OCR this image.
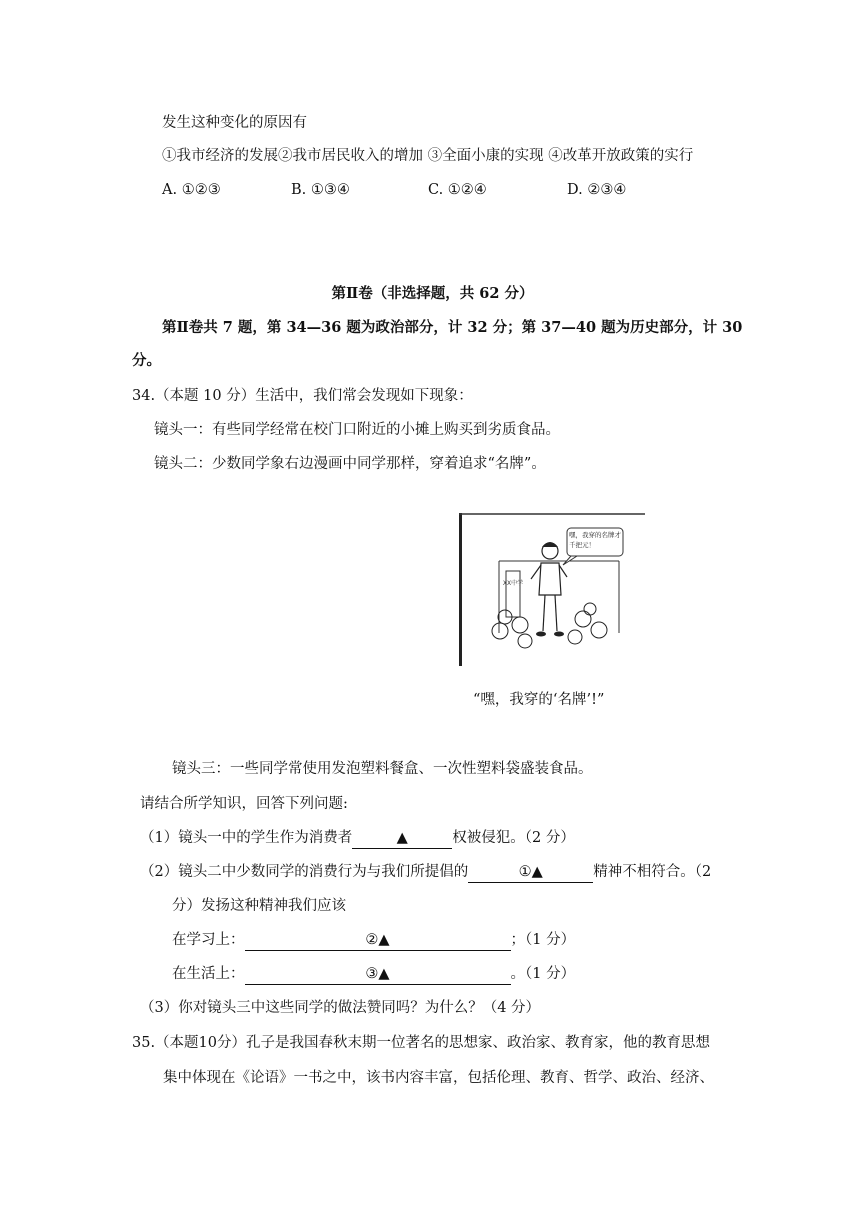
发生这种变化的原因有
①我市经济的发展②我市居民收入的增加 ③全面小康的实现 ④改革开放政策的实行
A. ①②③	B. ①③④	C. ①②④	D. ②③④
第Ⅱ卷（非选择题，共 62 分）
第Ⅱ卷共 7 题，第 34—36 题为政治部分，计 32 分；第 37—40 题为历史部分，计 30
分。
34.（本题 10 分）生活中，我们常会发现如下现象：
镜头一：有些同学经常在校门口附近的小摊上购买到劣质食品。
镜头二：少数同学象右边漫画中同学那样，穿着追求“名牌”。
XX中学
嘿，我穿的名牌才千把元！
“嘿，我穿的‘名牌’!”
镜头三：一些同学常使用发泡塑料餐盒、一次性塑料袋盛装食品。
请结合所学知识，回答下列问题:
（1）镜头一中的学生作为消费者	▲	权被侵犯。（2 分）
（2）镜头二中少数同学的消费行为与我们所提倡的	①▲	精神不相符合。（2
分）发扬这种精神我们应该
在学习上：	②▲	；（1 分）
在生活上：	③▲	。（1 分）
（3）你对镜头三中这些同学的做法赞同吗？为什么？（4 分）
35.（本题10分）孔子是我国春秋末期一位著名的思想家、政治家、教育家，他的教育思想
集中体现在《论语》一书之中，该书内容丰富，包括伦理、教育、哲学、政治、经济、
